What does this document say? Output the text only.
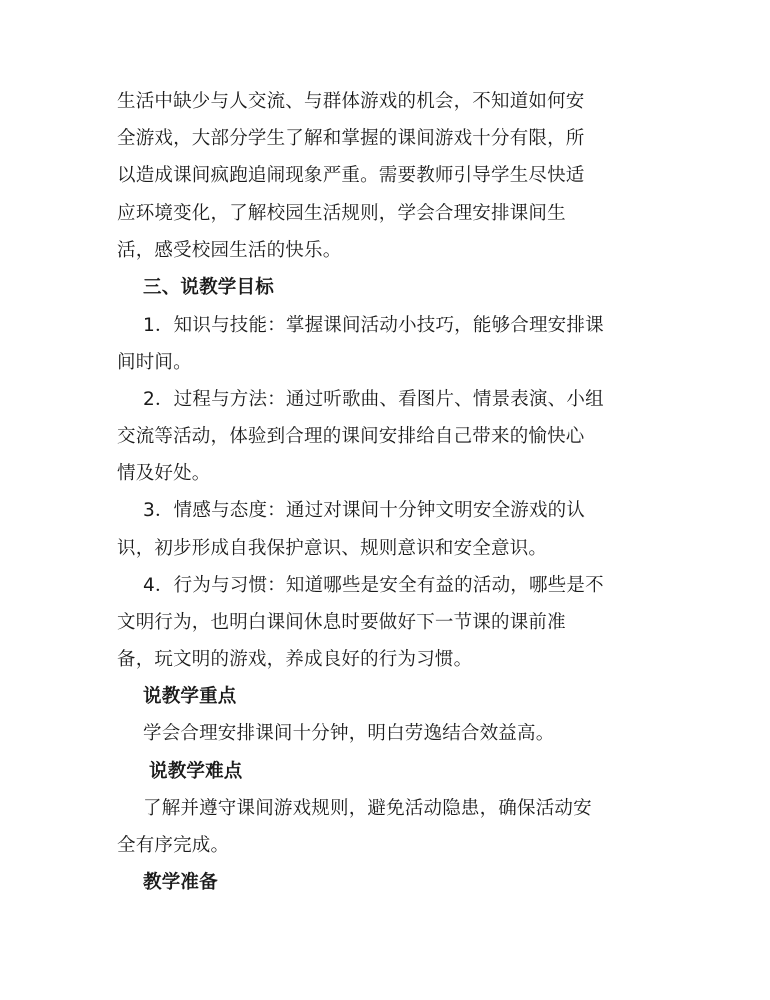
生活中缺少与人交流、与群体游戏的机会，不知道如何安
全游戏，大部分学生了解和掌握的课间游戏十分有限，所
以造成课间疯跑追闹现象严重。需要教师引导学生尽快适
应环境变化，了解校园生活规则，学会合理安排课间生
活，感受校园生活的快乐。
三、说教学目标
1．知识与技能：掌握课间活动小技巧，能够合理安排课
间时间。
2．过程与方法：通过听歌曲、看图片、情景表演、小组
交流等活动，体验到合理的课间安排给自己带来的愉快心
情及好处。
3．情感与态度：通过对课间十分钟文明安全游戏的认
识，初步形成自我保护意识、规则意识和安全意识。
4．行为与习惯：知道哪些是安全有益的活动，哪些是不
文明行为，也明白课间休息时要做好下一节课的课前准
备，玩文明的游戏，养成良好的行为习惯。
说教学重点
学会合理安排课间十分钟，明白劳逸结合效益高。
说教学难点
了解并遵守课间游戏规则，避免活动隐患，确保活动安
全有序完成。
教学准备
